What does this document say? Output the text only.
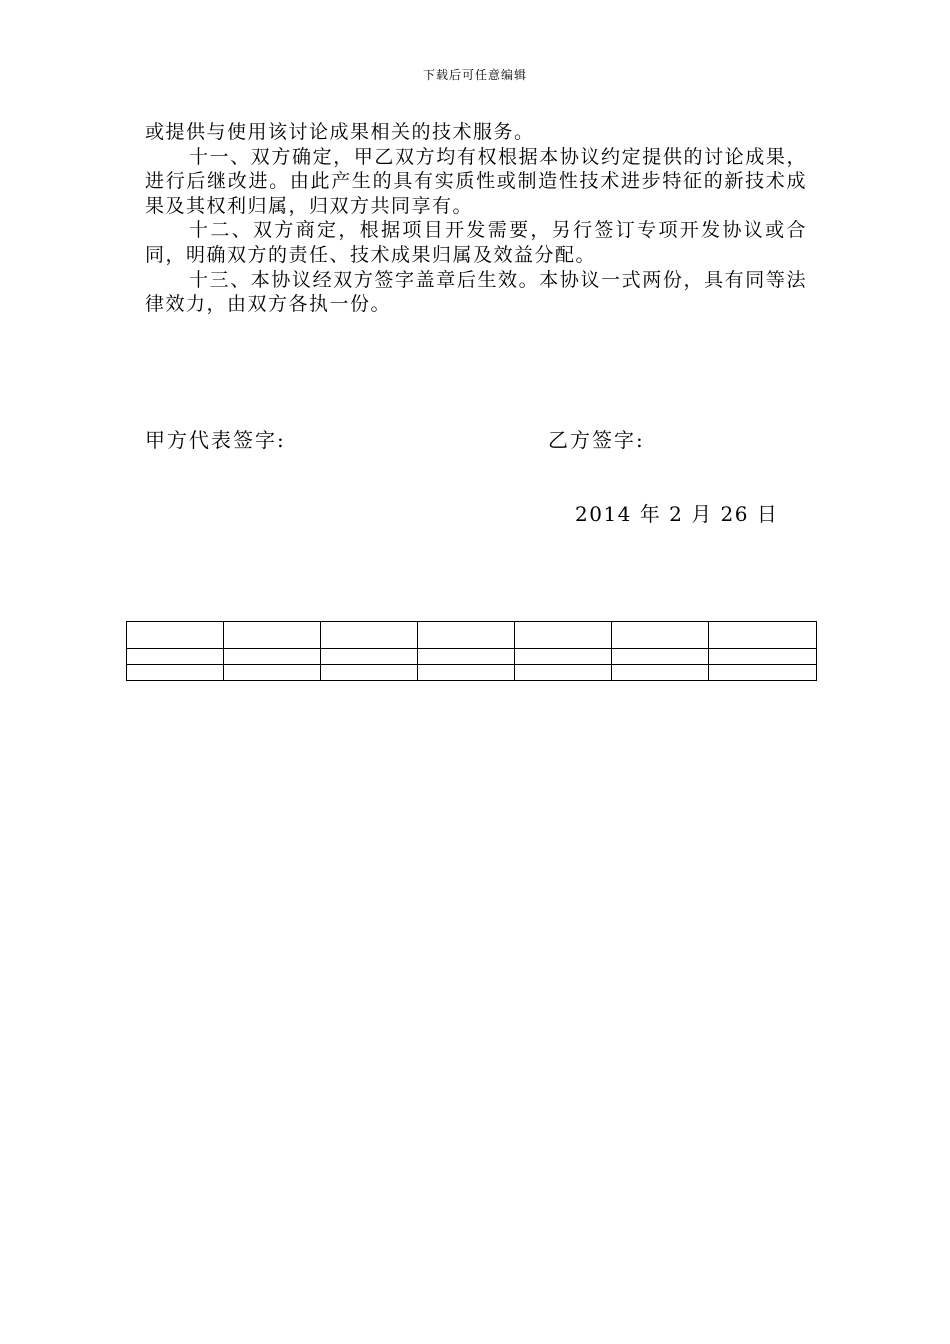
下载后可任意编辑

或提供与使用该讨论成果相关的技术服务。

十一、双方确定，甲乙双方均有权根据本协议约定提供的讨论成果，进行后继改进。由此产生的具有实质性或制造性技术进步特征的新技术成果及其权利归属，归双方共同享有。

十二、双方商定，根据项目开发需要，另行签订专项开发协议或合同，明确双方的责任、技术成果归属及效益分配。

十三、本协议经双方签字盖章后生效。本协议一式两份，具有同等法律效力，由双方各执一份。

甲方代表签字:	乙方签字:
2014 年 2 月 26 日
